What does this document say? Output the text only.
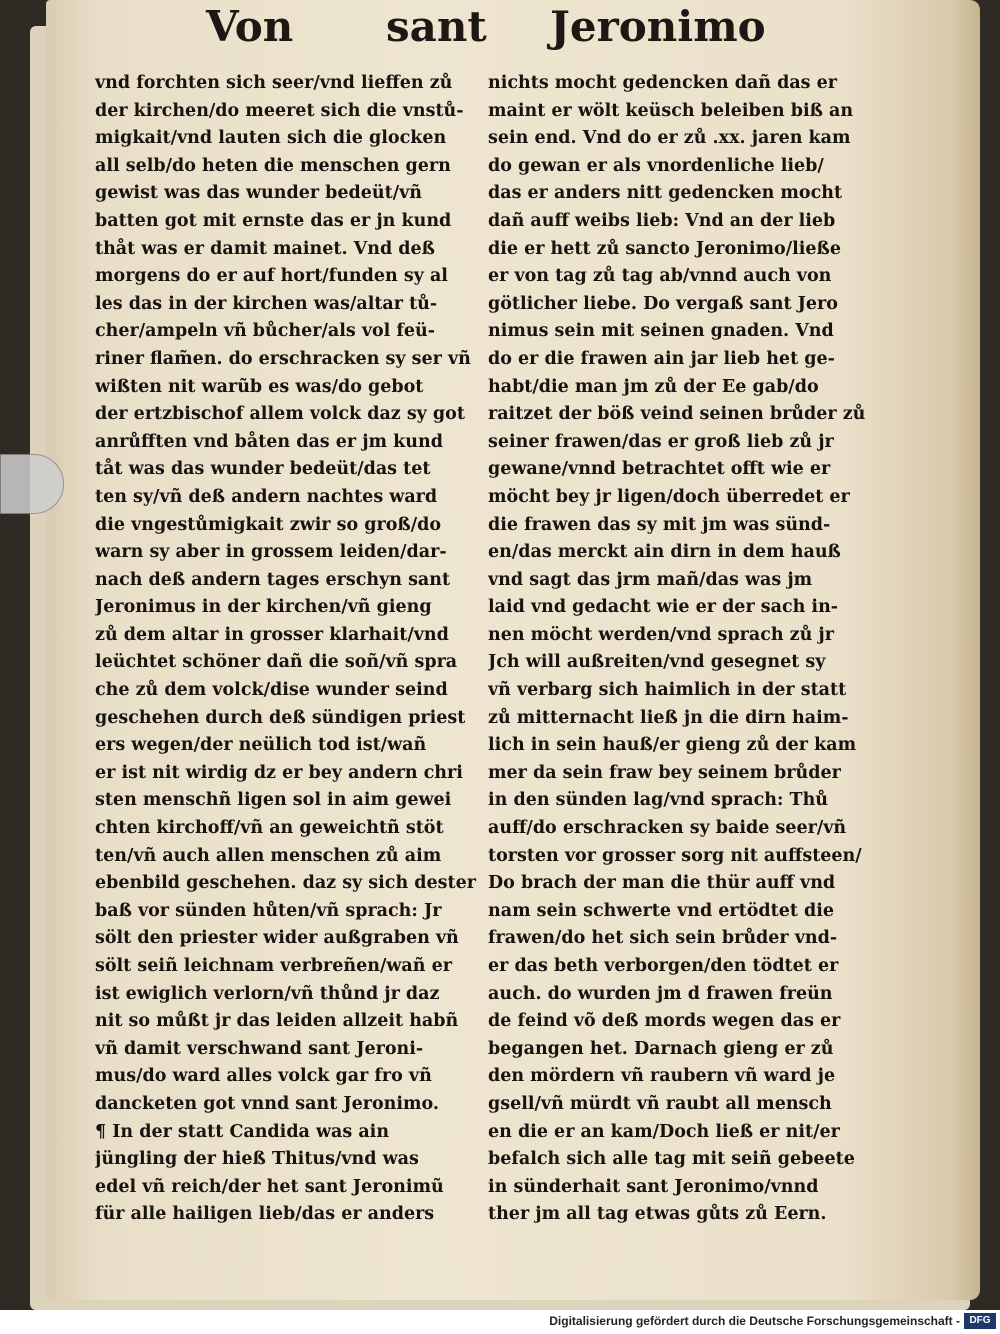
Von sant Jeronimo
vnd forchten sich seer/vnd lieffen zů
der kirchen/do meeret sich die vnstů-
migkait/vnd lauten sich die glocken
all selb/do heten die menschen gern
gewist was das wunder bedeüt/vñ
batten got mit ernste das er jn kund
thåt was er damit mainet. Vnd deß
morgens do er auf hort/funden sy al
les das in der kirchen was/altar tů-
cher/ampeln vñ bůcher/als vol feü-
riner flam̃en. do erschracken sy ser vñ
wißten nit warũb es was/do gebot
der ertzbischof allem volck daz sy got
anrůfften vnd båten das er jm kund
tåt was das wunder bedeüt/das tet
ten sy/vñ deß andern nachtes ward
die vngestůmigkait zwir so groß/do
warn sy aber in grossem leiden/dar-
nach deß andern tages erschyn sant
Jeronimus in der kirchen/vñ gieng
zů dem altar in grosser klarhait/vnd
leüchtet schöner dañ die soñ/vñ spra
che zů dem volck/dise wunder seind
geschehen durch deß sündigen priest
ers wegen/der neülich tod ist/wañ
er ist nit wirdig dz er bey andern chri
sten menschñ ligen sol in aim gewei
chten kirchoff/vñ an geweichtñ stöt
ten/vñ auch allen menschen zů aim
ebenbild geschehen. daz sy sich dester
baß vor sünden hůten/vñ sprach: Jr
sölt den priester wider außgraben vñ
sölt seiñ leichnam verbreñen/wañ er
ist ewiglich verlorn/vñ thůnd jr daz
nit so můßt jr das leiden allzeit habñ
vñ damit verschwand sant Jeroni-
mus/do ward alles volck gar fro vñ
dancketen got vnnd sant Jeronimo.
¶ In der statt Candida was ain
jüngling der hieß Thitus/vnd was
edel vñ reich/der het sant Jeronimũ
für alle hailigen lieb/das er anders
nichts mocht gedencken dañ das er
maint er wölt keüsch beleiben biß an
sein end. Vnd do er zů .xx. jaren kam
do gewan er als vnordenliche lieb/
das er anders nitt gedencken mocht
dañ auff weibs lieb: Vnd an der lieb
die er hett zů sancto Jeronimo/ließe
er von tag zů tag ab/vnnd auch von
götlicher liebe. Do vergaß sant Jero
nimus sein mit seinen gnaden. Vnd
do er die frawen ain jar lieb het ge-
habt/die man jm zů der Ee gab/do
raitzet der böß veind seinen brůder zů
seiner frawen/das er groß lieb zů jr
gewane/vnnd betrachtet offt wie er
möcht bey jr ligen/doch überredet er
die frawen das sy mit jm was sünd-
en/das merckt ain dirn in dem hauß
vnd sagt das jrm mañ/das was jm
laid vnd gedacht wie er der sach in-
nen möcht werden/vnd sprach zů jr
Jch will außreiten/vnd gesegnet sy
vñ verbarg sich haimlich in der statt
zů mitternacht ließ jn die dirn haim-
lich in sein hauß/er gieng zů der kam
mer da sein fraw bey seinem brůder
in den sünden lag/vnd sprach: Thů
auff/do erschracken sy baide seer/vñ
torsten vor grosser sorg nit auffsteen/
Do brach der man die thür auff vnd
nam sein schwerte vnd ertödtet die
frawen/do het sich sein brůder vnd-
er das beth verborgen/den tödtet er
auch. do wurden jm d frawen freün
de feind võ deß mords wegen das er
begangen het. Darnach gieng er zů
den mördern vñ raubern vñ ward je
gsell/vñ mürdt vñ raubt all mensch
en die er an kam/Doch ließ er nit/er
befalch sich alle tag mit seiñ gebeete
in sünderhait sant Jeronimo/vnnd
ther jm all tag etwas gůts zů Eern.
Digitalisierung gefördert durch die Deutsche Forschungsgemeinschaft - DFG
